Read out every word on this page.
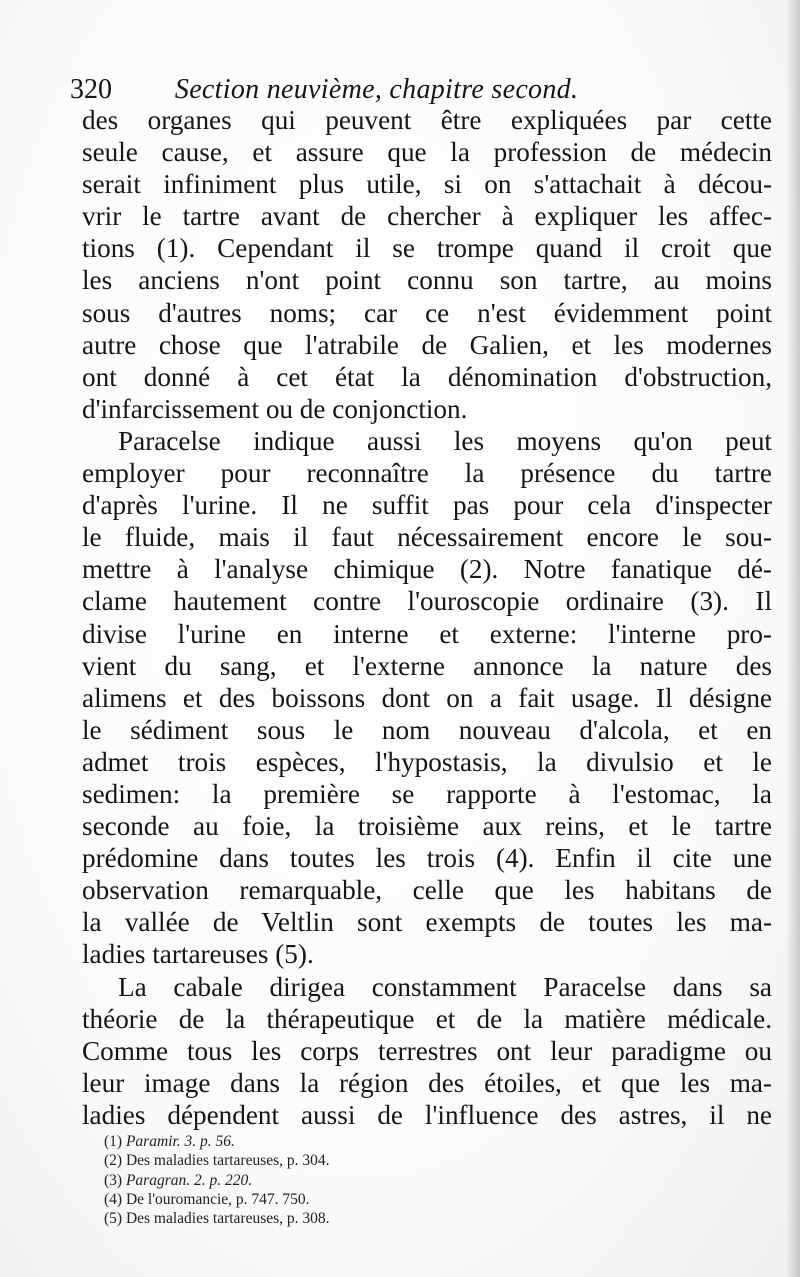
320 Section neuvième, chapitre second.
des organes qui peuvent être expliquées par cette
seule cause, et assure que la profession de médecin
serait infiniment plus utile, si on s'attachait à décou-
vrir le tartre avant de chercher à expliquer les affec-
tions (1). Cependant il se trompe quand il croit que
les anciens n'ont point connu son tartre, au moins
sous d'autres noms; car ce n'est évidemment point
autre chose que l'atrabile de Galien, et les modernes
ont donné à cet état la dénomination d'obstruction,
d'infarcissement ou de conjonction.
Paracelse indique aussi les moyens qu'on peut
employer pour reconnaître la présence du tartre
d'après l'urine. Il ne suffit pas pour cela d'inspecter
le fluide, mais il faut nécessairement encore le sou-
mettre à l'analyse chimique (2). Notre fanatique dé-
clame hautement contre l'ouroscopie ordinaire (3). Il
divise l'urine en interne et externe: l'interne pro-
vient du sang, et l'externe annonce la nature des
alimens et des boissons dont on a fait usage. Il désigne
le sédiment sous le nom nouveau d'alcola, et en
admet trois espèces, l'hypostasis, la divulsio et le
sedimen: la première se rapporte à l'estomac, la
seconde au foie, la troisième aux reins, et le tartre
prédomine dans toutes les trois (4). Enfin il cite une
observation remarquable, celle que les habitans de
la vallée de Veltlin sont exempts de toutes les ma-
ladies tartareuses (5).
La cabale dirigea constamment Paracelse dans sa
théorie de la thérapeutique et de la matière médicale.
Comme tous les corps terrestres ont leur paradigme ou
leur image dans la région des étoiles, et que les ma-
ladies dépendent aussi de l'influence des astres, il ne
(1) Paramir. 3. p. 56.
(2) Des maladies tartareuses, p. 304.
(3) Paragran. 2. p. 220.
(4) De l'ouromancie, p. 747. 750.
(5) Des maladies tartareuses, p. 308.
